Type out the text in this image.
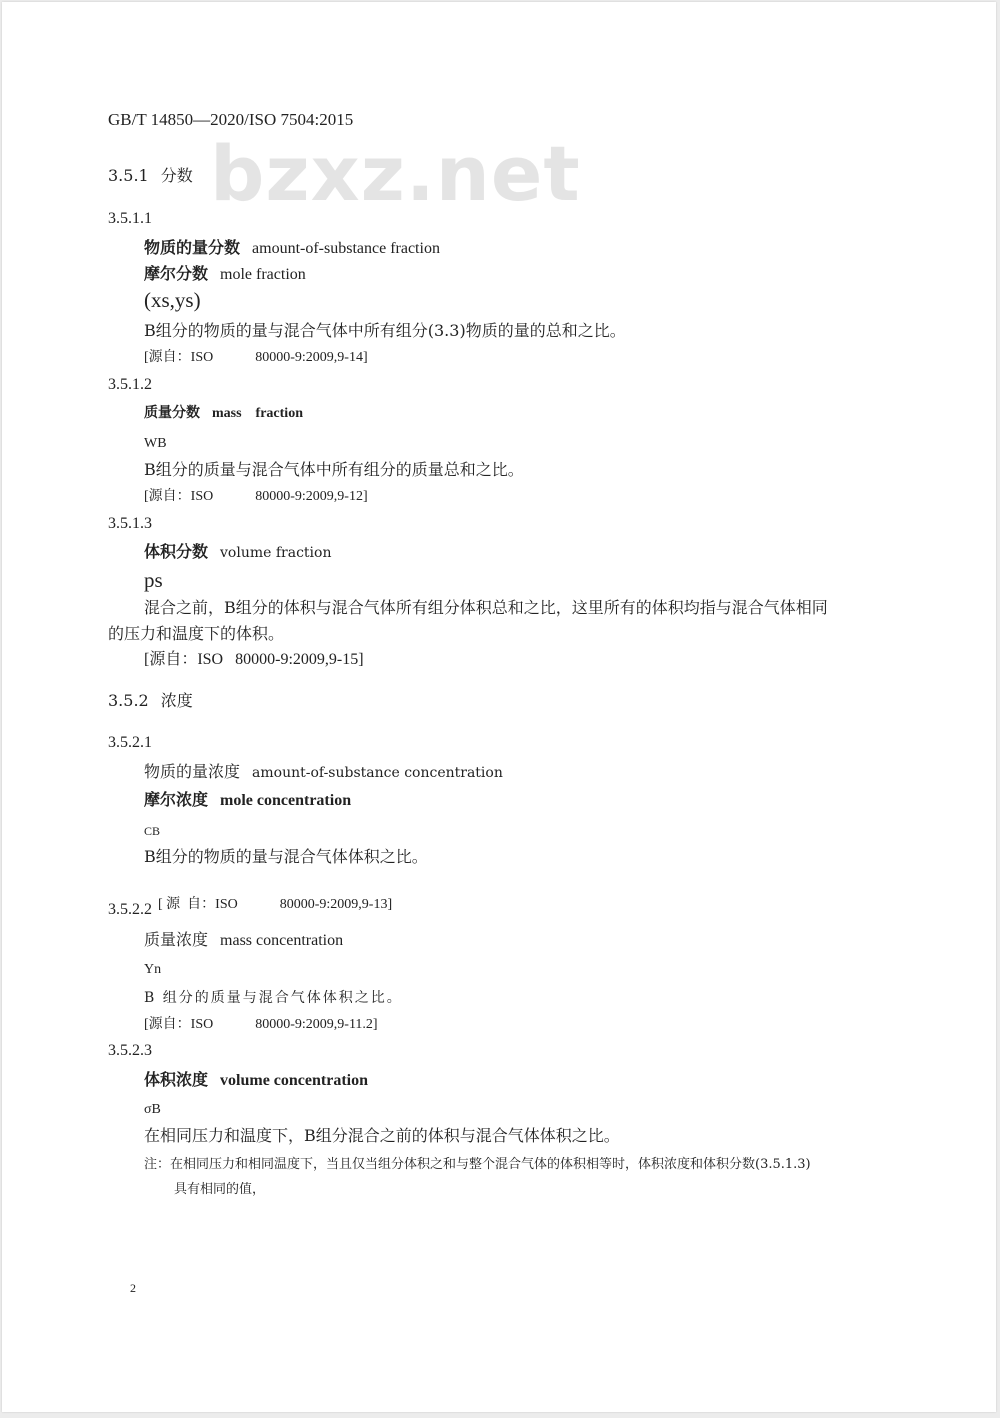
bzxz.net
GB/T 14850—2020/ISO 7504:2015
3.5.1 分数
3.5.1.1
物质的量分数 amount-of-substance fraction
摩尔分数 mole fraction
(xs,ys)
B组分的物质的量与混合气体中所有组分(3.3)物质的量的总和之比。
[源自：ISO	80000-9:2009,9-14]
3.5.1.2
质量分数 mass    fraction
WB
B组分的质量与混合气体中所有组分的质量总和之比。
[源自：ISO	80000-9:2009,9-12]
3.5.1.3
体积分数 volume fraction
ps
混合之前，B组分的体积与混合气体所有组分体积总和之比，这里所有的体积均指与混合气体相同
的压力和温度下的体积。
[源自：ISO   80000-9:2009,9-15]
3.5.2 浓度
3.5.2.1
物质的量浓度 amount-of-substance concentration
摩尔浓度 mole concentration
CB
B组分的物质的量与混合气体体积之比。

[ 源  自：ISO	80000-9:2009,9-13]

3.5.2.2
质量浓度 mass concentration
Yn
B 组分的质量与混合气体体积之比。
[源自：ISO	80000-9:2009,9-11.2]
3.5.2.3
体积浓度 volume concentration
σB
在相同压力和温度下，B组分混合之前的体积与混合气体体积之比。
注：在相同压力和相同温度下，当且仅当组分体积之和与整个混合气体的体积相等时，体积浓度和体积分数(3.5.1.3)
具有相同的值，
2
